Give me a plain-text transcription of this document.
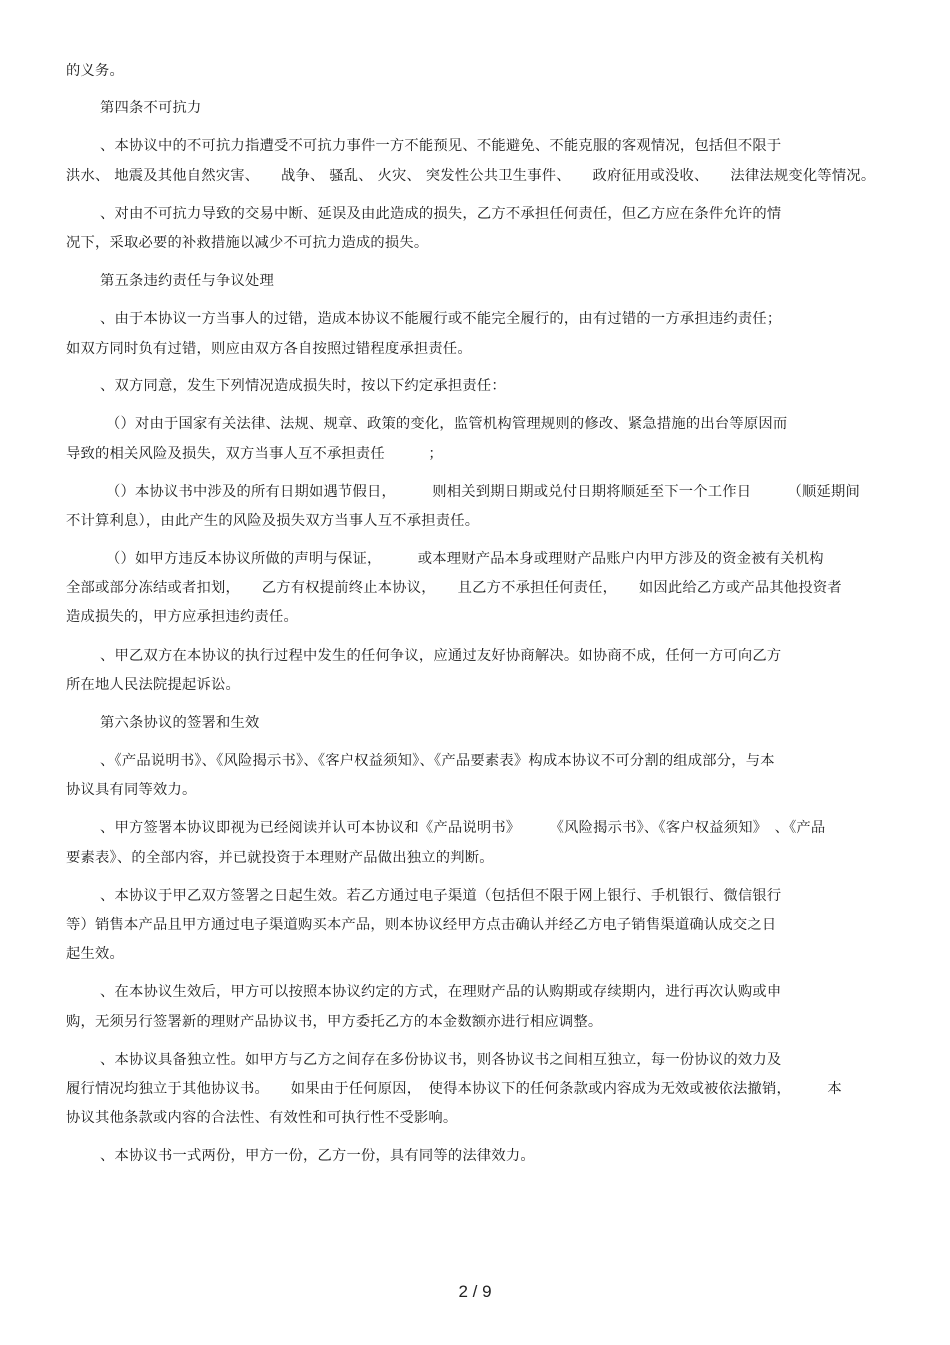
的义务。
第四条不可抗力
、本协议中的不可抗力指遭受不可抗力事件一方不能预见、不能避免、不能克服的客观情况，包括但不限于
洪水、 地震及其他自然灾害、　　战争、 骚乱、 火灾、 突发性公共卫生事件、　　政府征用或没收、　　法律法规变化等情况。
、对由不可抗力导致的交易中断、延误及由此造成的损失，乙方不承担任何责任，但乙方应在条件允许的情
况下，采取必要的补救措施以减少不可抗力造成的损失。
第五条违约责任与争议处理
、由于本协议一方当事人的过错，造成本协议不能履行或不能完全履行的，由有过错的一方承担违约责任；
如双方同时负有过错，则应由双方各自按照过错程度承担责任。
、双方同意，发生下列情况造成损失时，按以下约定承担责任：
（）对由于国家有关法律、法规、规章、政策的变化，监管机构管理规则的修改、紧急措施的出台等原因而
导致的相关风险及损失，双方当事人互不承担责任　　　；
（）本协议书中涉及的所有日期如遇节假日，　　　则相关到期日期或兑付日期将顺延至下一个工作日　　　（顺延期间
不计算利息），由此产生的风险及损失双方当事人互不承担责任。
（）如甲方违反本协议所做的声明与保证，　　　或本理财产品本身或理财产品账户内甲方涉及的资金被有关机构
全部或部分冻结或者扣划，　　乙方有权提前终止本协议，　　且乙方不承担任何责任，　　如因此给乙方或产品其他投资者
造成损失的，甲方应承担违约责任。
、甲乙双方在本协议的执行过程中发生的任何争议，应通过友好协商解决。如协商不成，任何一方可向乙方
所在地人民法院提起诉讼。
第六条协议的签署和生效
、《产品说明书》、《风险揭示书》、《客户权益须知》、《产品要素表》构成本协议不可分割的组成部分，与本
协议具有同等效力。
、甲方签署本协议即视为已经阅读并认可本协议和《产品说明书》　　　《风险揭示书》、《客户权益须知》　、《产品
要素表》、的全部内容，并已就投资于本理财产品做出独立的判断。
、本协议于甲乙双方签署之日起生效。若乙方通过电子渠道（包括但不限于网上银行、手机银行、微信银行
等）销售本产品且甲方通过电子渠道购买本产品，则本协议经甲方点击确认并经乙方电子销售渠道确认成交之日
起生效。
、在本协议生效后，甲方可以按照本协议约定的方式，在理财产品的认购期或存续期内，进行再次认购或申
购，无须另行签署新的理财产品协议书，甲方委托乙方的本金数额亦进行相应调整。
、本协议具备独立性。如甲方与乙方之间存在多份协议书，则各协议书之间相互独立，每一份协议的效力及
履行情况均独立于其他协议书。　　如果由于任何原因，　使得本协议下的任何条款或内容成为无效或被依法撤销，　　　本
协议其他条款或内容的合法性、有效性和可执行性不受影响。
、本协议书一式两份，甲方一份，乙方一份，具有同等的法律效力。
2 / 9
